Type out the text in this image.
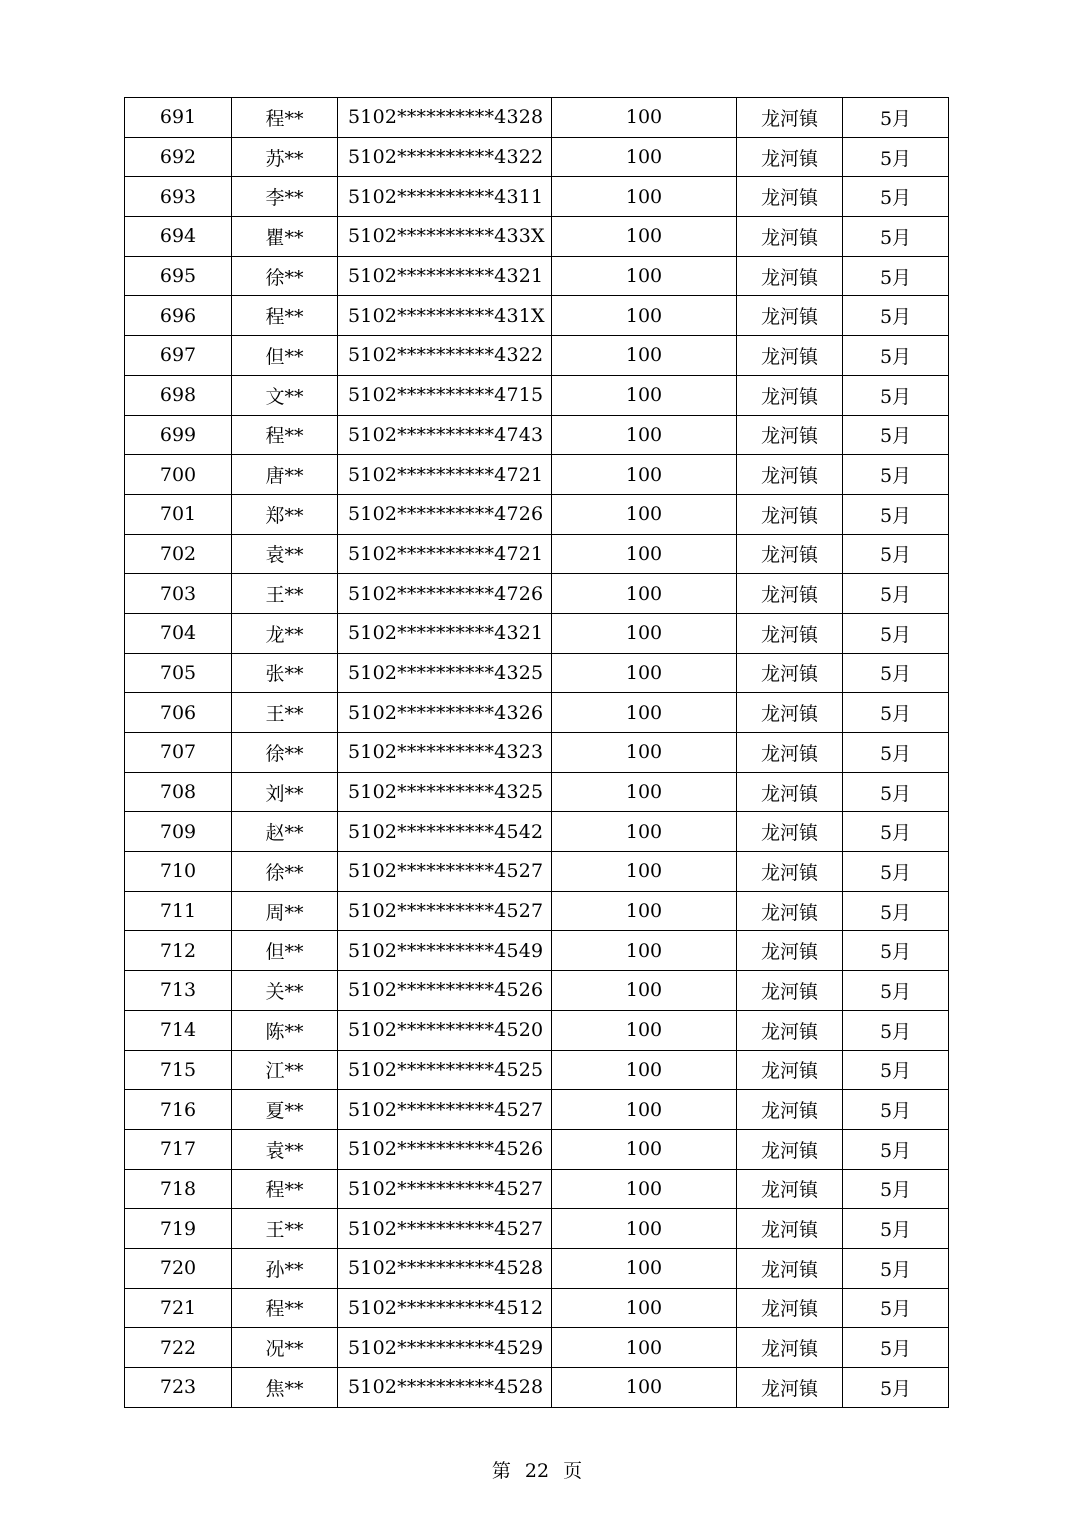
691	程**	5102**********4328	100	龙河镇	5月
692	苏**	5102**********4322	100	龙河镇	5月
693	李**	5102**********4311	100	龙河镇	5月
694	瞿**	5102**********433X	100	龙河镇	5月
695	徐**	5102**********4321	100	龙河镇	5月
696	程**	5102**********431X	100	龙河镇	5月
697	但**	5102**********4322	100	龙河镇	5月
698	文**	5102**********4715	100	龙河镇	5月
699	程**	5102**********4743	100	龙河镇	5月
700	唐**	5102**********4721	100	龙河镇	5月
701	郑**	5102**********4726	100	龙河镇	5月
702	袁**	5102**********4721	100	龙河镇	5月
703	王**	5102**********4726	100	龙河镇	5月
704	龙**	5102**********4321	100	龙河镇	5月
705	张**	5102**********4325	100	龙河镇	5月
706	王**	5102**********4326	100	龙河镇	5月
707	徐**	5102**********4323	100	龙河镇	5月
708	刘**	5102**********4325	100	龙河镇	5月
709	赵**	5102**********4542	100	龙河镇	5月
710	徐**	5102**********4527	100	龙河镇	5月
711	周**	5102**********4527	100	龙河镇	5月
712	但**	5102**********4549	100	龙河镇	5月
713	关**	5102**********4526	100	龙河镇	5月
714	陈**	5102**********4520	100	龙河镇	5月
715	江**	5102**********4525	100	龙河镇	5月
716	夏**	5102**********4527	100	龙河镇	5月
717	袁**	5102**********4526	100	龙河镇	5月
718	程**	5102**********4527	100	龙河镇	5月
719	王**	5102**********4527	100	龙河镇	5月
720	孙**	5102**********4528	100	龙河镇	5月
721	程**	5102**********4512	100	龙河镇	5月
722	况**	5102**********4529	100	龙河镇	5月
723	焦**	5102**********4528	100	龙河镇	5月
第 22 页
